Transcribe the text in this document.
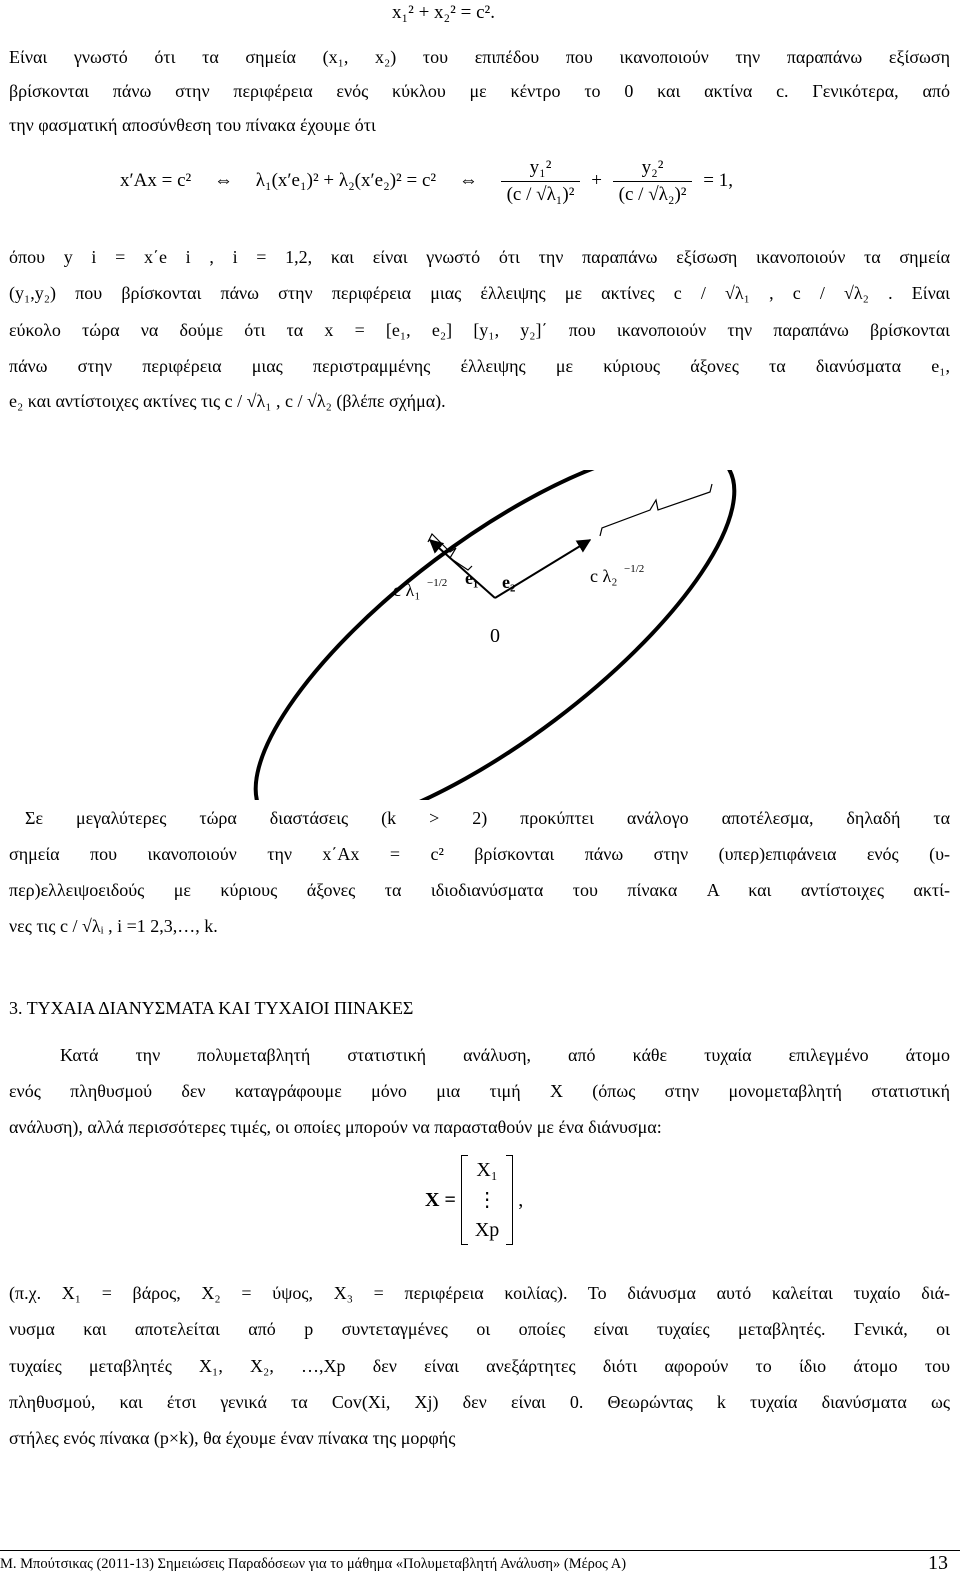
x₁² + x₂² = c².
Είναι γνωστό ότι τα σημεία (x₁, x₂) του επιπέδου που ικανοποιούν την παραπάνω εξίσωση
βρίσκονται πάνω στην περιφέρεια ενός κύκλου με κέντρο το 0 και ακτίνα c. Γενικότερα, από
την φασματική αποσύνθεση του πίνακα έχουμε ότι
x′Ax = c² ⇔ λ₁(x′e₁)² + λ₂(x′e₂)² = c² ⇔ $\frac{\text{y₁²}}{\text{(c / √λ₁)²}} + \frac{\text{y₂²}}{\text{(c / √λ₂)²}} = 1$,
όπου y i = x΄e i , i = 1,2, και είναι γνωστό ότι την παραπάνω εξίσωση ικανοποιούν τα σημεία
(y₁,y₂) που βρίσκονται πάνω στην περιφέρεια μιας έλλειψης με ακτίνες c / √λ₁ , c / √λ₂ . Είναι
εύκολο τώρα να δούμε ότι τα x = [e₁, e₂] [y₁, y₂]΄ που ικανοποιούν την παραπάνω βρίσκονται
πάνω στην περιφέρεια μιας περιστραμμένης έλλειψης με κύριους άξονες τα διανύσματα e₁,
e₂ και αντίστοιχες ακτίνες τις c / √λ₁ , c / √λ₂ (βλέπε σχήμα).
c λ₁ −1/2 e₁ e₂	c λ₂ −1/2
0
Σε μεγαλύτερες τώρα διαστάσεις (k > 2) προκύπτει ανάλογο αποτέλεσμα, δηλαδή τα
σημεία που ικανοποιούν την x΄Ax = c² βρίσκονται πάνω στην (υπερ)επιφάνεια ενός (υ-
περ)ελλειψοειδούς με κύριους άξονες τα ιδιοδιανύσματα του πίνακα A και αντίστοιχες ακτί-
νες τις c / √λᵢ , i =1 2,3,…, k.
3. ΤΥΧΑΙΑ ΔΙΑΝΥΣΜΑΤΑ ΚΑΙ ΤΥΧΑΙΟΙ ΠΙΝΑΚΕΣ
Κατά την πολυμεταβλητή στατιστική ανάλυση, από κάθε τυχαία επιλεγμένο άτομο
ενός πληθυσμού δεν καταγράφουμε μόνο μια τιμή X (όπως στην μονομεταβλητή στατιστική
ανάλυση), αλλά περισσότερες τιμές, οι οποίες μπορούν να παρασταθούν με ένα διάνυσμα:
X =
X₁
⋮
Xp
,
(π.χ. X₁ = βάρος, X₂ = ύψος, X₃ = περιφέρεια κοιλίας). Το διάνυσμα αυτό καλείται τυχαίο διά-
νυσμα και αποτελείται από p συντεταγμένες οι οποίες είναι τυχαίες μεταβλητές. Γενικά, οι
τυχαίες μεταβλητές X₁, X₂, …,Xp δεν είναι ανεξάρτητες διότι αφορούν το ίδιο άτομο του
πληθυσμού, και έτσι γενικά τα Cov(Xi, Xj) δεν είναι 0. Θεωρώντας k τυχαία διανύσματα ως
στήλες ενός πίνακα (p×k), θα έχουμε έναν πίνακα της μορφής
Μ. Μπούτσικας (2011-13) Σημειώσεις Παραδόσεων για το μάθημα «Πολυμεταβλητή Ανάλυση» (Μέρος Α)	13
